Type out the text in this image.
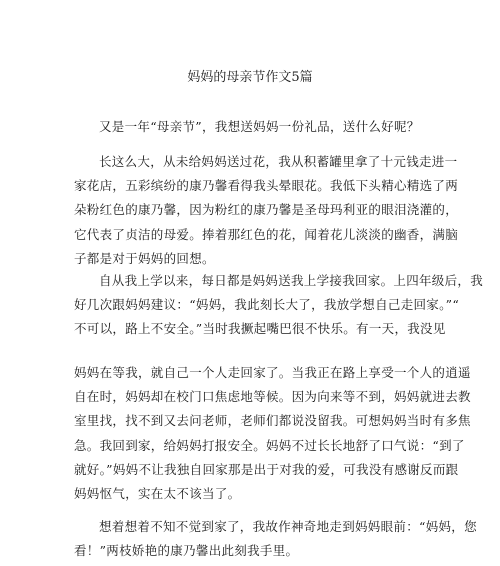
妈妈的母亲节作文5篇

又是一年“母亲节”，我想送妈妈一份礼品，送什么好呢？

长这么大，从未给妈妈送过花，我从积蓄罐里拿了十元钱走进一
家花店，五彩缤纷的康乃馨看得我头晕眼花。我低下头精心精选了两
朵粉红色的康乃馨，因为粉红的康乃馨是圣母玛利亚的眼泪浇灌的，
它代表了贞洁的母爱。捧着那红色的花，闻着花儿淡淡的幽香，满脑
子都是对于妈妈的回想。

自从我上学以来，每日都是妈妈送我上学接我回家。上四年级后，我
好几次跟妈妈建议：“妈妈，我此刻长大了，我放学想自己走回家。”“
不可以，路上不安全。”当时我撅起嘴巴很不快乐。有一天，我没见

妈妈在等我，就自己一个人走回家了。当我正在路上享受一个人的逍遥
自在时，妈妈却在校门口焦虑地等候。因为向来等不到，妈妈就进去教
室里找，找不到又去问老师，老师们都说没留我。可想妈妈当时有多焦
急。我回到家，给妈妈打报安全。妈妈不过长长地舒了口气说：“到了
就好。”妈妈不让我独自回家那是出于对我的爱，可我没有感谢反而跟
妈妈怄气，实在太不该当了。

想着想着不知不觉到家了，我故作神奇地走到妈妈眼前：“妈妈，您
看！”两枝娇艳的康乃馨出此刻我手里。
